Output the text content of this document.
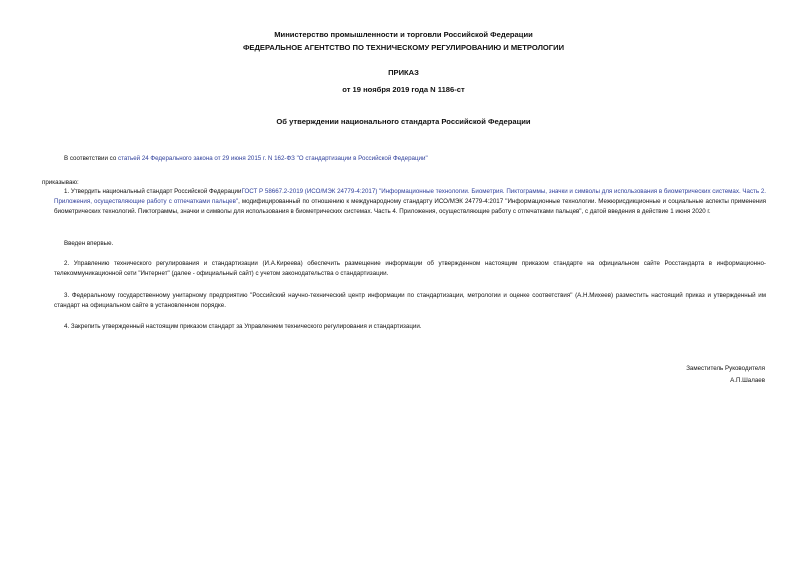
Министерство промышленности и торговли Российской Федерации
ФЕДЕРАЛЬНОЕ АГЕНТСТВО ПО ТЕХНИЧЕСКОМУ РЕГУЛИРОВАНИЮ И МЕТРОЛОГИИ
ПРИКАЗ
от 19 ноября 2019 года N 1186-ст
Об утверждении национального стандарта Российской Федерации
В соответствии со статьей 24 Федерального закона от 29 июня 2015 г. N 162-ФЗ "О стандартизации в Российской Федерации"
приказываю:
1. Утвердить национальный стандарт Российской ФедерацииГОСТ Р 58667.2-2019 (ИСО/МЭК 24779-4:2017) "Информационные технологии. Биометрия. Пиктограммы, значки и символы для использования в биометрических системах. Часть 2. Приложения, осуществляющие работу с отпечатками пальцев", модифицированный по отношению к международному стандарту ИСО/МЭК 24779-4:2017 "Информационные технологии. Межюрисдикционные и социальные аспекты применения биометрических технологий. Пиктограммы, значки и символы для использования в биометрических системах. Часть 4. Приложения, осуществляющие работу с отпечатками пальцев", с датой введения в действие 1 июня 2020 г.
Введен впервые.
2. Управлению технического регулирования и стандартизации (И.А.Киреева) обеспечить размещение информации об утвержденном настоящим приказом стандарте на официальном сайте Росстандарта в информационно-телекоммуникационной сети "Интернет" (далее - официальный сайт) с учетом законодательства о стандартизации.
3. Федеральному государственному унитарному предприятию "Российский научно-технический центр информации по стандартизации, метрологии и оценке соответствия" (А.Н.Михеев) разместить настоящий приказ и утвержденный им стандарт на официальном сайте в установленном порядке.
4. Закрепить утвержденный настоящим приказом стандарт за Управлением технического регулирования и стандартизации.
Заместитель Руководителя
А.П.Шалаев
